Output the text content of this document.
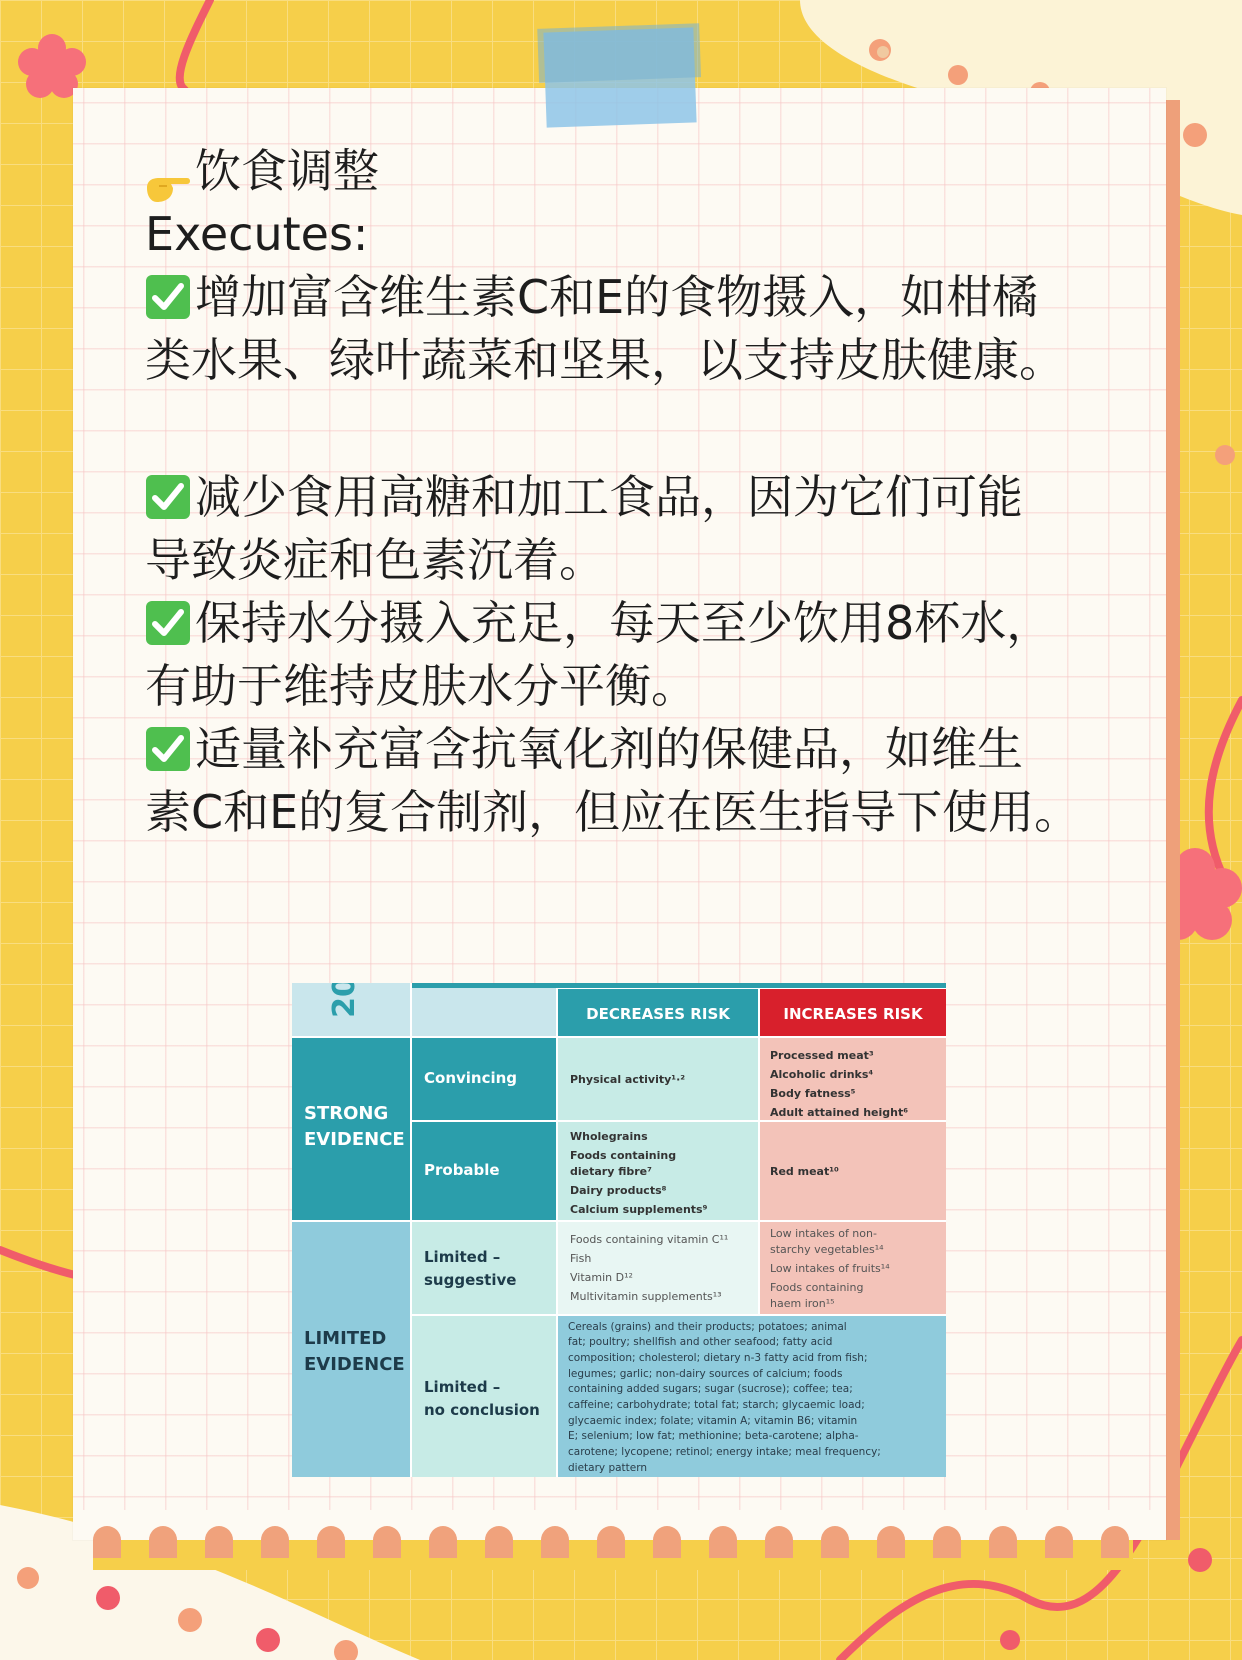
饮食调整

Executes:

增加富含维生素C和E的食物摄入，如柑橘

类水果、绿叶蔬菜和坚果，以支持皮肤健康。

减少食用高糖和加工食品，因为它们可能

导致炎症和色素沉着。

保持水分摄入充足，每天至少饮用8杯水，

有助于维持皮肤水分平衡。

适量补充富含抗氧化剂的保健品，如维生

素C和E的复合制剂，但应在医生指导下使用。

DECREASES RISK	INCREASES RISK
20
STRONG
EVIDENCE
Convincing	Physical activity¹·²
Processed meat³
Alcoholic drinks⁴
Body fatness⁵
Adult attained height⁶
Probable
Wholegrains
Foods containing
dietary fibre⁷
Dairy products⁸
Calcium supplements⁹
Red meat¹⁰
LIMITED
EVIDENCE
Limited –
suggestive
Foods containing vitamin C¹¹
Fish
Vitamin D¹²
Multivitamin supplements¹³
Low intakes of non-
starchy vegetables¹⁴
Low intakes of fruits¹⁴
Foods containing
haem iron¹⁵
Limited –
no conclusion
Cereals (grains) and their products; potatoes; animal
fat; poultry; shellfish and other seafood; fatty acid
composition; cholesterol; dietary n-3 fatty acid from fish;
legumes; garlic; non-dairy sources of calcium; foods
containing added sugars; sugar (sucrose); coffee; tea;
caffeine; carbohydrate; total fat; starch; glycaemic load;
glycaemic index; folate; vitamin A; vitamin B6; vitamin
E; selenium; low fat; methionine; beta-carotene; alpha-
carotene; lycopene; retinol; energy intake; meal frequency;
dietary pattern
